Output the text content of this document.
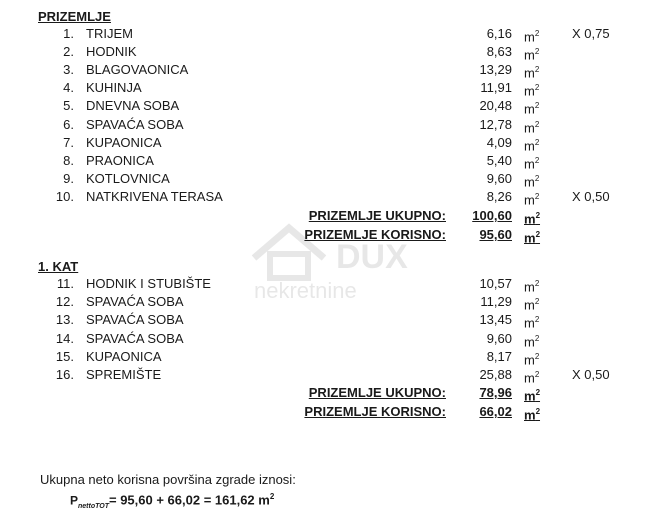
PRIZEMLJE
1. TRIJEM	6,16 $m^2$	X 0,75
2. HODNIK	8,63 $m^2$
3. BLAGOVAONICA	13,29 $m^2$
4. KUHINJA	11,91 $m^2$
5. DNEVNA SOBA	20,48 $m^2$
6. SPAVAĆA SOBA	12,78 $m^2$
7. KUPAONICA	4,09 $m^2$
8. PRAONICA	5,40 $m^2$
9. KOTLOVNICA	9,60 $m^2$
10. NATKRIVENA TERASA	8,26 $m^2$	X 0,50
PRIZEMLJE UKUPNO:	100,60 $m^2$
PRIZEMLJE KORISNO:	95,60 $m^2$
1. KAT
11. HODNIK I STUBIŠTE	10,57 $m^2$
12. SPAVAĆA SOBA	11,29 $m^2$
13. SPAVAĆA SOBA	13,45 $m^2$
14. SPAVAĆA SOBA	9,60 $m^2$
15. KUPAONICA	8,17 $m^2$
16. SPREMIŠTE	25,88 $m^2$	X 0,50
PRIZEMLJE UKUPNO:	78,96 $m^2$
PRIZEMLJE KORISNO:	66,02 $m^2$
DUX
nekretnine
Ukupna neto korisna površina zgrade iznosi:
$P_{nettoTOT}= 95,60 + 66,02 = 161,62$ $m^2$
